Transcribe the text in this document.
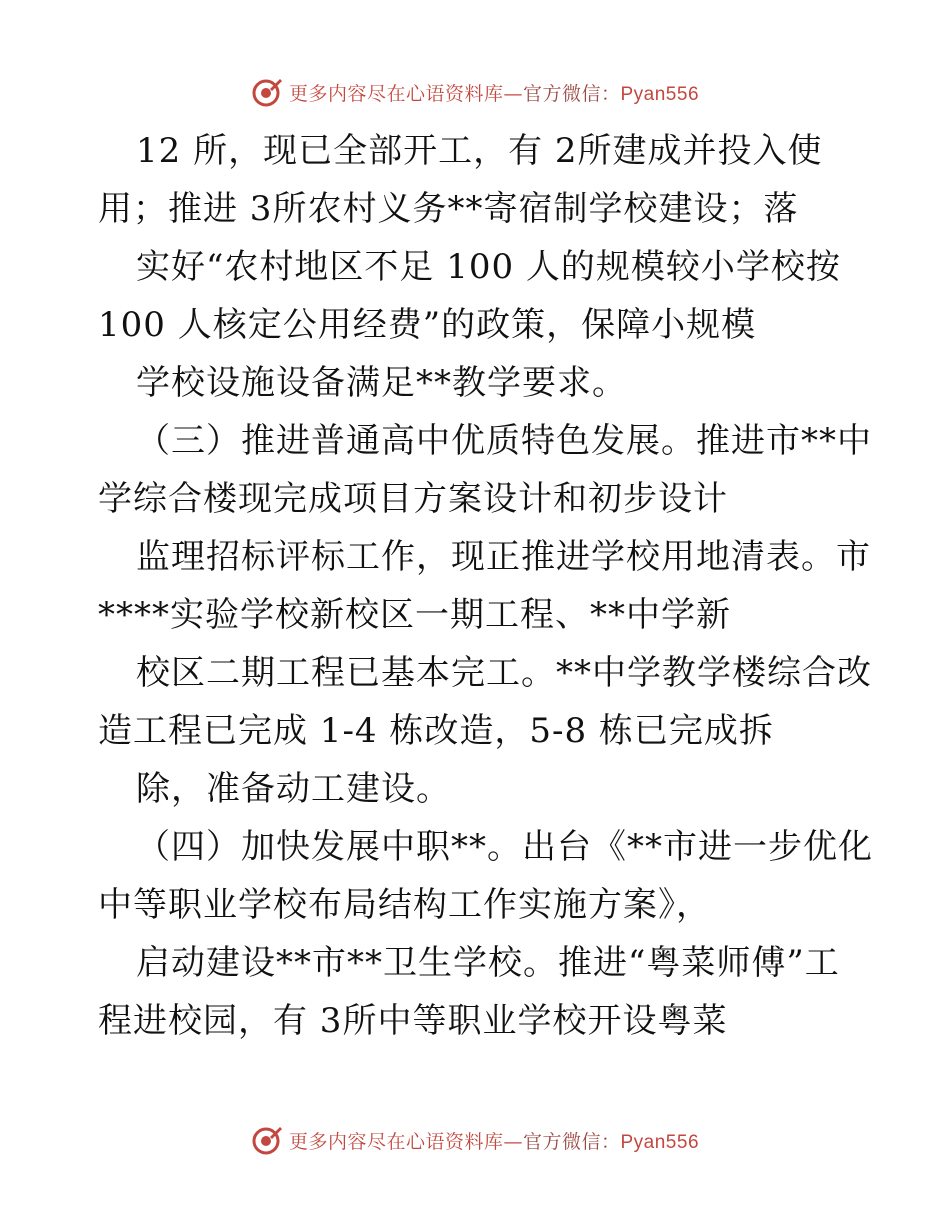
更多内容尽在心语资料库—官方微信：Pyan556
12 所，现已全部开工，有 2所建成并投入使
用；推进 3所农村义务**寄宿制学校建设；落
实好“农村地区不足 100 人的规模较小学校按
100 人核定公用经费”的政策，保障小规模
学校设施设备满足**教学要求。
（三）推进普通高中优质特色发展。推进市**中
学综合楼现完成项目方案设计和初步设计
监理招标评标工作，现正推进学校用地清表。市
****实验学校新校区一期工程、**中学新
校区二期工程已基本完工。**中学教学楼综合改
造工程已完成 1-4 栋改造，5-8 栋已完成拆
除，准备动工建设。
（四）加快发展中职**。出台《**市进一步优化
中等职业学校布局结构工作实施方案》，
启动建设**市**卫生学校。推进“粤菜师傅”工
程进校园，有 3所中等职业学校开设粤菜
更多内容尽在心语资料库—官方微信：Pyan556
